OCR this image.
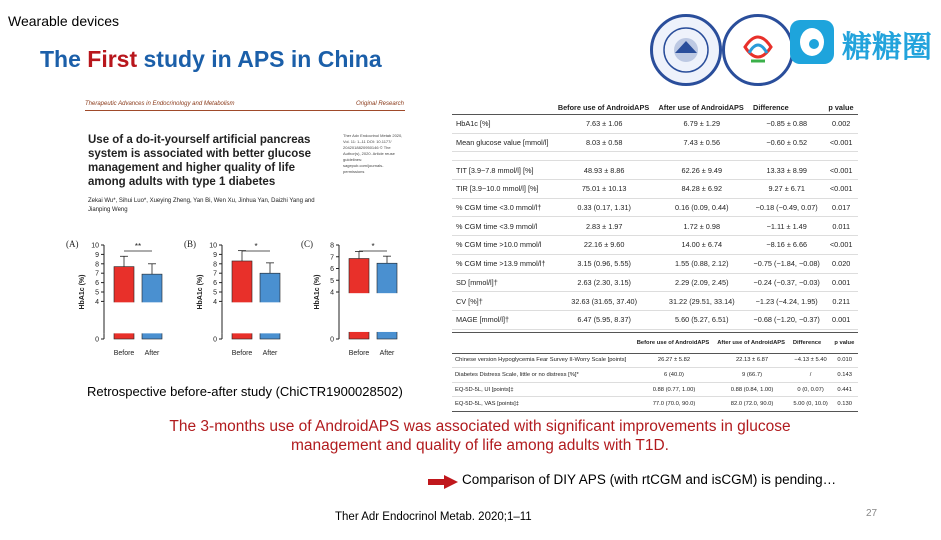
Wearable devices
The First study in APS in China	糖糖圈
Therapeutic Advances in Endocrinology and Metabolism	Original Research
Use of a do-it-yourself artificial pancreas system is associated with better glucose management and higher quality of life among adults with type 1 diabetes
Ther Adv Endocrinol Metab 2020, Vol. 11: 1–11 DOI: 10.1177/ 2042018820950146 © The Author(s), 2020. Article reuse guidelines: sagepub.com/journals-permissions
Zekai Wu*, Sihui Luo*, Xueying Zheng, Yan Bi, Wen Xu, Jinhua Yan, Daizhi Yang and Jianping Weng
(A)
HbA1c (%)
0
4
5
6
7
8
9
10
Before After
**	(B)
HbA1c (%)
0
4
5
6
7
8
9
10
Before After
*	(C)
HbA1c (%)
0
4
5
6
7
8
Before After
*
Retrospective before-after study (ChiCTR1900028502)
	Before use of AndroidAPS	After use of AndroidAPS	Difference	p value
HbA1c [%]	7.63 ± 1.06	6.79 ± 1.29	−0.85 ± 0.88	0.002
Mean glucose value [mmol/l]	8.03 ± 0.58	7.43 ± 0.56	−0.60 ± 0.52	<0.001

TIT [3.9−7.8 mmol/l] [%]	48.93 ± 8.86	62.26 ± 9.49	13.33 ± 8.99	<0.001
TIR [3.9−10.0 mmol/l] [%]	75.01 ± 10.13	84.28 ± 6.92	9.27 ± 6.71	<0.001
% CGM time <3.0 mmol/l†	0.33 (0.17, 1.31)	0.16 (0.09, 0.44)	−0.18 (−0.49, 0.07)	0.017
% CGM time <3.9 mmol/l	2.83 ± 1.97	1.72 ± 0.98	−1.11 ± 1.49	0.011
% CGM time >10.0 mmol/l	22.16 ± 9.60	14.00 ± 6.74	−8.16 ± 6.66	<0.001
% CGM time >13.9 mmol/l†	3.15 (0.96, 5.55)	1.55 (0.88, 2.12)	−0.75 (−1.84, −0.08)	0.020
SD [mmol/l]†	2.63 (2.30, 3.15)	2.29 (2.09, 2.45)	−0.24 (−0.37, −0.03)	0.001
CV [%]†	32.63 (31.65, 37.40)	31.22 (29.51, 33.14)	−1.23 (−4.24, 1.95)	0.211
MAGE [mmol/l]†	6.47 (5.95, 8.37)	5.60 (5.27, 6.51)	−0.68 (−1.20, −0.37)	0.001
	Before use of AndroidAPS	After use of AndroidAPS	Difference	p value
Chinese version Hypoglycemia Fear Survey II-Worry Scale [points]	26.27 ± 5.82	22.13 ± 6.87	−4.13 ± 5.40	0.010
Diabetes Distress Scale, little or no distress [%]*	6 (40.0)	9 (66.7)	/	0.143
EQ-5D-5L, UI [points]‡	0.88 (0.77, 1.00)	0.88 (0.84, 1.00)	0 (0, 0.07)	0.441
EQ-5D-5L, VAS [points]‡	77.0 (70.0, 90.0)	82.0 (72.0, 90.0)	5.00 (0, 10.0)	0.130
The 3-months use of AndroidAPS was associated with significant improvements in glucose
management and quality of life among adults with T1D.
Comparison of DIY APS (with rtCGM and isCGM) is pending…
Ther Adr Endocrinol Metab. 2020;1–11	27
